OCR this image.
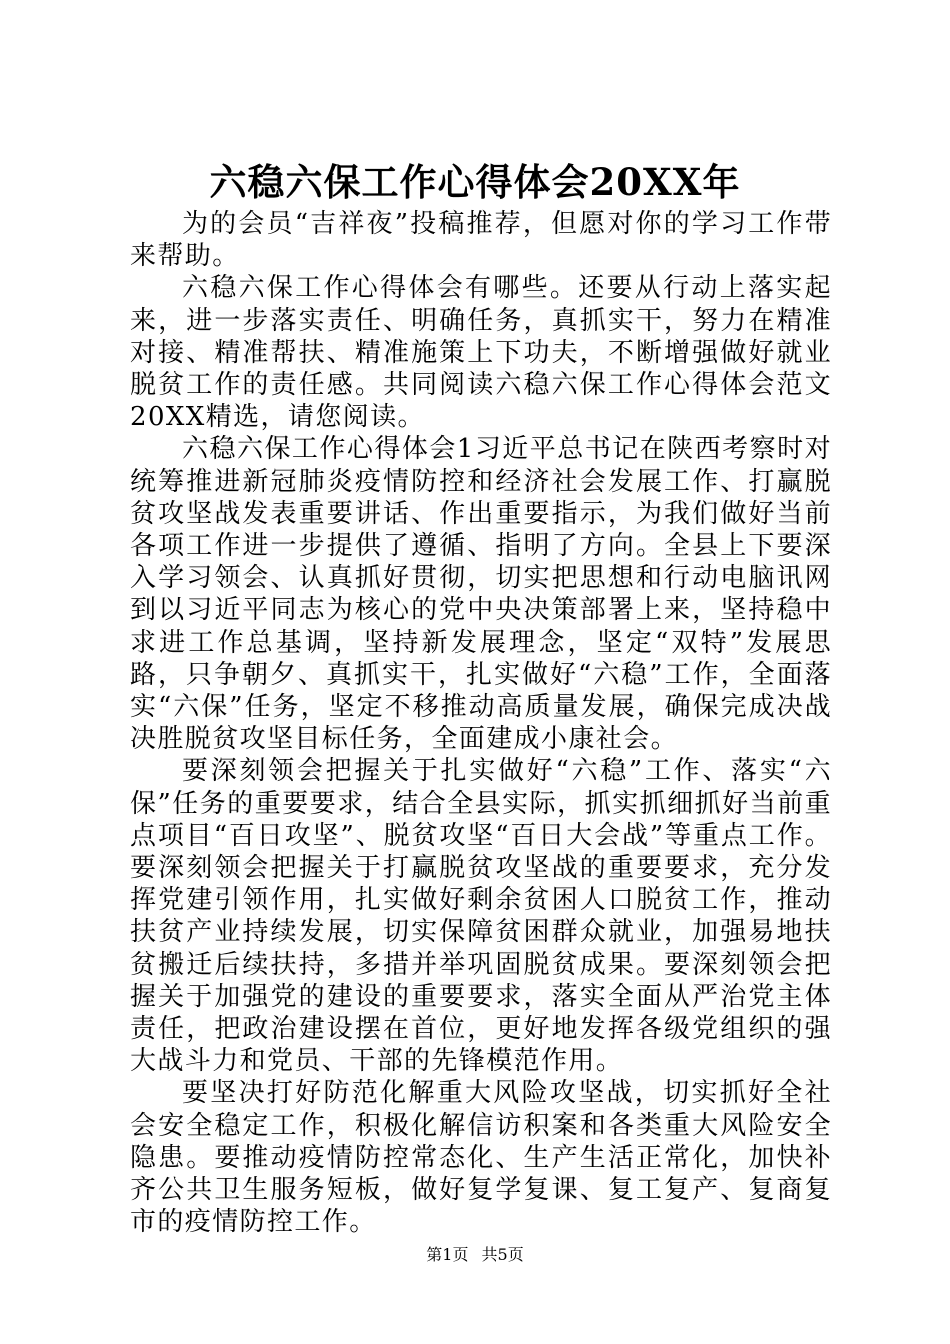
六稳六保工作心得体会20XX年

为的会员“吉祥夜”投稿推荐，但愿对你的学习工作带来帮助。

六稳六保工作心得体会有哪些。还要从行动上落实起来，进一步落实责任、明确任务，真抓实干，努力在精准对接、精准帮扶、精准施策上下功夫，不断增强做好就业脱贫工作的责任感。共同阅读六稳六保工作心得体会范文20XX精选，请您阅读。

六稳六保工作心得体会1习近平总书记在陕西考察时对统筹推进新冠肺炎疫情防控和经济社会发展工作、打赢脱贫攻坚战发表重要讲话、作出重要指示，为我们做好当前各项工作进一步提供了遵循、指明了方向。全县上下要深入学习领会、认真抓好贯彻，切实把思想和行动电脑讯网到以习近平同志为核心的党中央决策部署上来，坚持稳中求进工作总基调，坚持新发展理念，坚定“双特”发展思路，只争朝夕、真抓实干，扎实做好“六稳”工作，全面落实“六保”任务，坚定不移推动高质量发展，确保完成决战决胜脱贫攻坚目标任务，全面建成小康社会。

要深刻领会把握关于扎实做好“六稳”工作、落实“六保”任务的重要要求，结合全县实际，抓实抓细抓好当前重点项目“百日攻坚”、脱贫攻坚“百日大会战”等重点工作。要深刻领会把握关于打赢脱贫攻坚战的重要要求，充分发挥党建引领作用，扎实做好剩余贫困人口脱贫工作，推动扶贫产业持续发展，切实保障贫困群众就业，加强易地扶贫搬迁后续扶持，多措并举巩固脱贫成果。要深刻领会把握关于加强党的建设的重要要求，落实全面从严治党主体责任，把政治建设摆在首位，更好地发挥各级党组织的强大战斗力和党员、干部的先锋模范作用。

要坚决打好防范化解重大风险攻坚战，切实抓好全社会安全稳定工作，积极化解信访积案和各类重大风险安全隐患。要推动疫情防控常态化、生产生活正常化，加快补齐公共卫生服务短板，做好复学复课、复工复产、复商复市的疫情防控工作。

第1页 共5页
